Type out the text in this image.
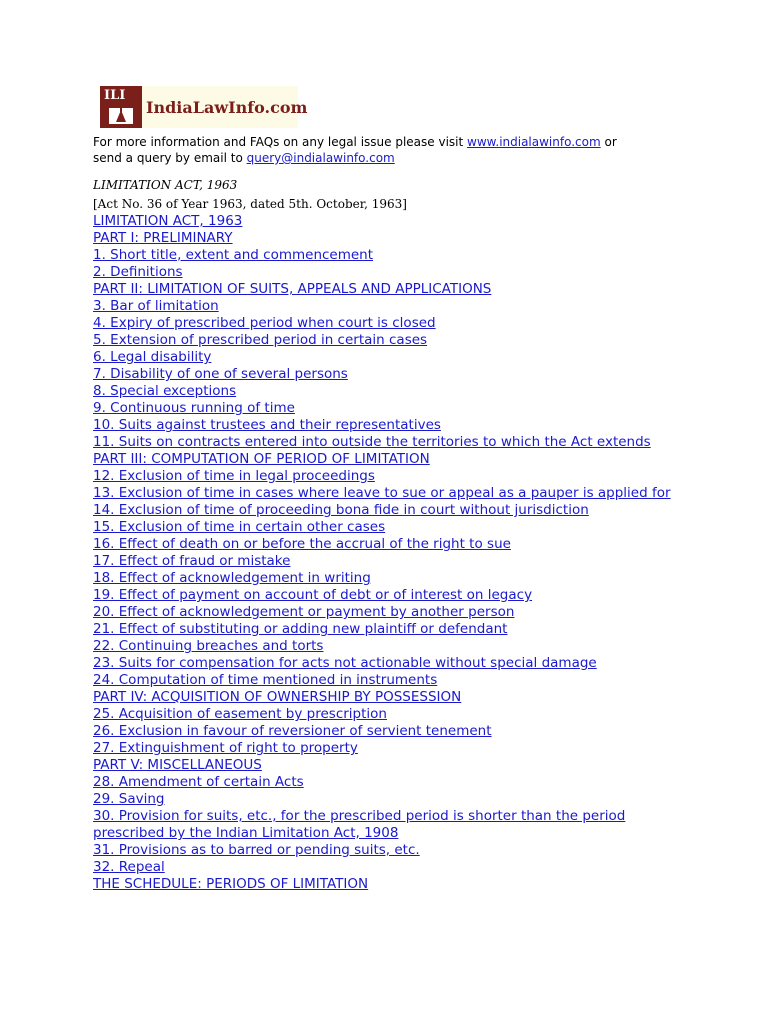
ILI
IndiaLawInfo.com
For more information and FAQs on any legal issue please visit www.indialawinfo.com or
send a query by email to query@indialawinfo.com
LIMITATION ACT, 1963
[Act No. 36 of Year 1963, dated 5th. October, 1963]
LIMITATION ACT, 1963
PART I: PRELIMINARY
1. Short title, extent and commencement
2. Definitions
PART II: LIMITATION OF SUITS, APPEALS AND APPLICATIONS
3. Bar of limitation
4. Expiry of prescribed period when court is closed
5. Extension of prescribed period in certain cases
6. Legal disability
7. Disability of one of several persons
8. Special exceptions
9. Continuous running of time
10. Suits against trustees and their representatives
11. Suits on contracts entered into outside the territories to which the Act extends
PART III: COMPUTATION OF PERIOD OF LIMITATION
12. Exclusion of time in legal proceedings
13. Exclusion of time in cases where leave to sue or appeal as a pauper is applied for
14. Exclusion of time of proceeding bona fide in court without jurisdiction
15. Exclusion of time in certain other cases
16. Effect of death on or before the accrual of the right to sue
17. Effect of fraud or mistake
18. Effect of acknowledgement in writing
19. Effect of payment on account of debt or of interest on legacy
20. Effect of acknowledgement or payment by another person
21. Effect of substituting or adding new plaintiff or defendant
22. Continuing breaches and torts
23. Suits for compensation for acts not actionable without special damage
24. Computation of time mentioned in instruments
PART IV: ACQUISITION OF OWNERSHIP BY POSSESSION
25. Acquisition of easement by prescription
26. Exclusion in favour of reversioner of servient tenement
27. Extinguishment of right to property
PART V: MISCELLANEOUS
28. Amendment of certain Acts
29. Saving
30. Provision for suits, etc., for the prescribed period is shorter than the period prescribed by the Indian Limitation Act, 1908
31. Provisions as to barred or pending suits, etc.
32. Repeal
THE SCHEDULE: PERIODS OF LIMITATION
